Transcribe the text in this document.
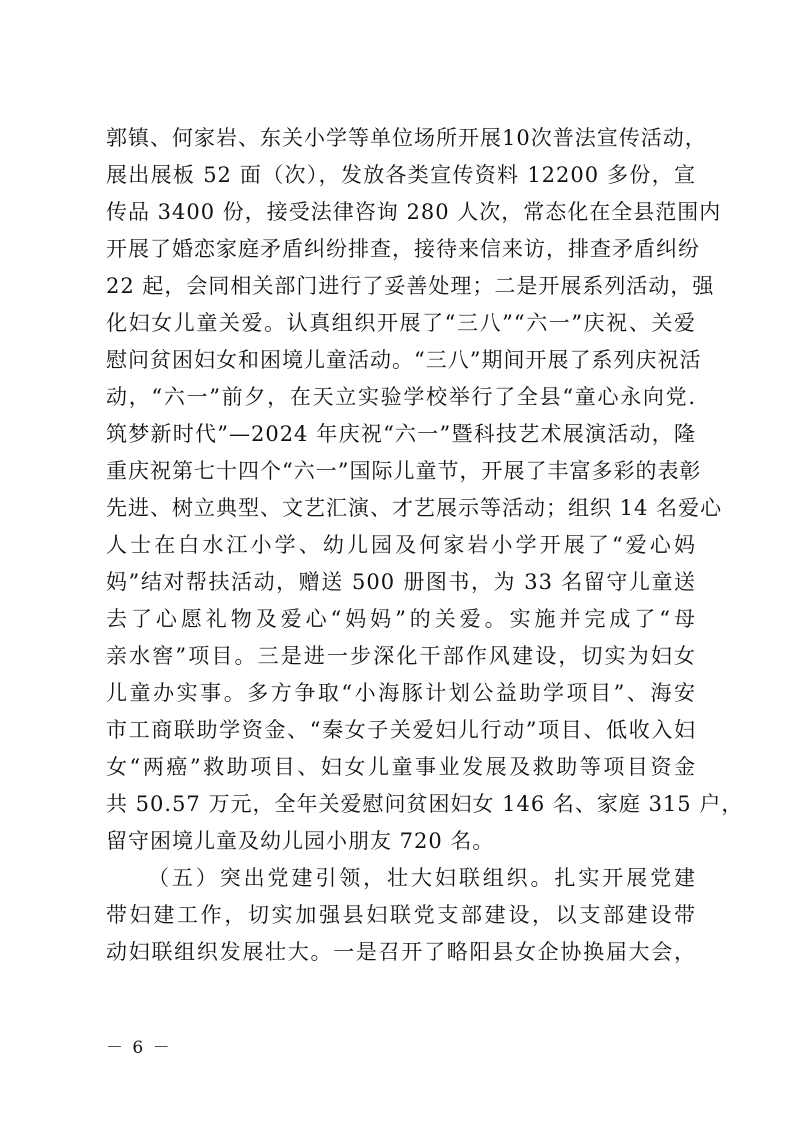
郭镇、何家岩、东关小学等单位场所开展10次普法宣传活动，
展出展板 52 面（次），发放各类宣传资料 12200 多份，宣
传品 3400 份，接受法律咨询 280 人次，常态化在全县范围内
开展了婚恋家庭矛盾纠纷排查，接待来信来访，排查矛盾纠纷
22 起，会同相关部门进行了妥善处理；二是开展系列活动，强
化妇女儿童关爱。认真组织开展了“三八”“六一”庆祝、关爱
慰问贫困妇女和困境儿童活动。“三八”期间开展了系列庆祝活
动，“六一”前夕，在天立实验学校举行了全县“童心永向党.
筑梦新时代”—2024 年庆祝“六一”暨科技艺术展演活动，隆
重庆祝第七十四个“六一”国际儿童节，开展了丰富多彩的表彰
先进、树立典型、文艺汇演、才艺展示等活动；组织 14 名爱心
人士在白水江小学、幼儿园及何家岩小学开展了“爱心妈
妈”结对帮扶活动，赠送 500 册图书，为 33 名留守儿童送
去了心愿礼物及爱心“妈妈”的关爱。实施并完成了“母
亲水窖”项目。三是进一步深化干部作风建设，切实为妇女
儿童办实事。多方争取“小海豚计划公益助学项目”、海安
市工商联助学资金、“秦女子关爱妇儿行动”项目、低收入妇
女“两癌”救助项目、妇女儿童事业发展及救助等项目资金
共 50.57 万元，全年关爱慰问贫困妇女 146 名、家庭 315 户，
留守困境儿童及幼儿园小朋友 720 名。
（五）突出党建引领，壮大妇联组织。扎实开展党建
带妇建工作，切实加强县妇联党支部建设，以支部建设带
动妇联组织发展壮大。一是召开了略阳县女企协换届大会，
－ 6 －
